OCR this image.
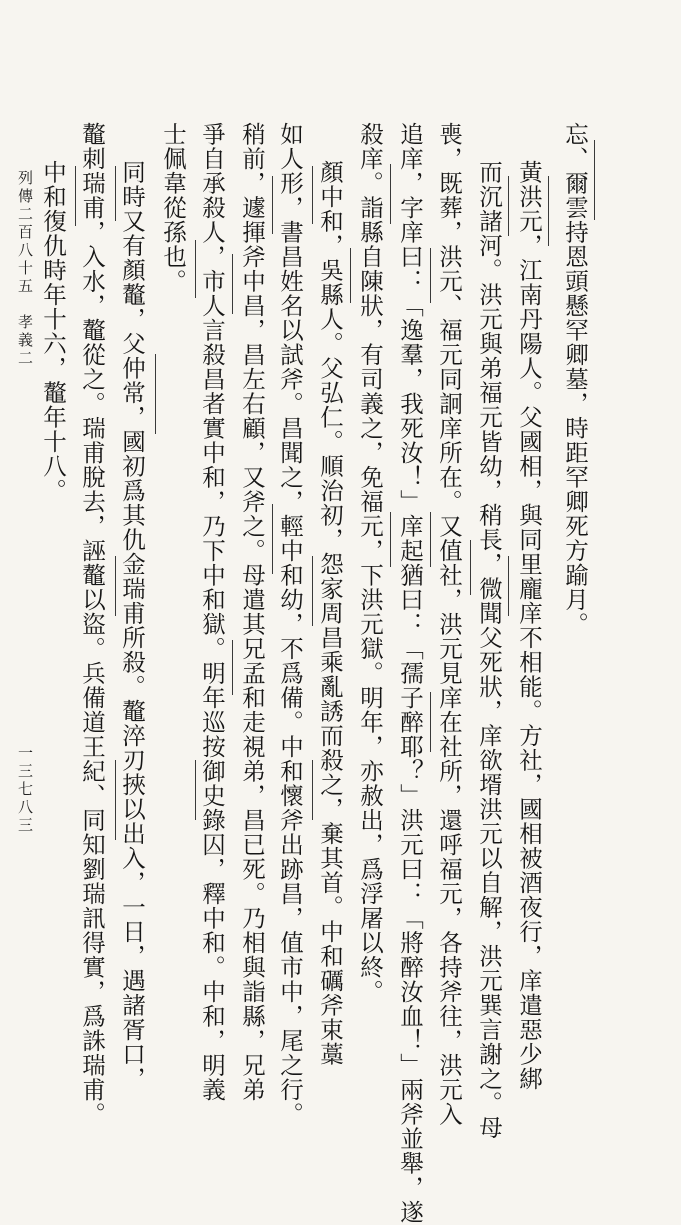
忘、爾雲持恩頭懸罕卿墓，時距罕卿死方踰月。
黃洪元，江南丹陽人。父國相，與同里龐庠不相能。方社，國相被酒夜行，庠遣惡少綁
而沉諸河。洪元與弟福元皆幼，稍長，微聞父死狀，庠欲壻洪元以自解，洪元巽言謝之。母
喪，既葬，洪元、福元同詗庠所在。又值社，洪元見庠在社所，還呼福元，各持斧往，洪元入
追庠，字庠曰：「逸羣，我死汝！」庠起猶曰：「孺子醉耶？」洪元曰：「將醉汝血！」兩斧並舉，遂
殺庠。詣縣自陳狀，有司義之，免福元，下洪元獄。明年，亦赦出，爲浮屠以終。
顏中和，吳縣人。父弘仁。順治初，怨家周昌乘亂誘而殺之，棄其首。中和礪斧束藁
如人形，書昌姓名以試斧。昌聞之，輕中和幼，不爲備。中和懷斧出跡昌，值市中，尾之行。
稍前，遽揮斧中昌，昌左右顧，又斧之。母遣其兄孟和走視弟，昌已死。乃相與詣縣，兄弟
爭自承殺人，市人言殺昌者實中和，乃下中和獄。明年巡按御史錄囚，釋中和。中和，明義
士佩韋從孫也。
同時又有顏鼇，父仲常，國初爲其仇金瑞甫所殺。鼇淬刃挾以出入，一日，遇諸胥口，
鼇刺瑞甫，入水，鼇從之。瑞甫脫去，誣鼇以盜。兵備道王紀、同知劉瑞訊得實，爲誅瑞甫。
中和復仇時年十六，鼇年十八。
列傳二百八十五　孝義二
一三七八三
